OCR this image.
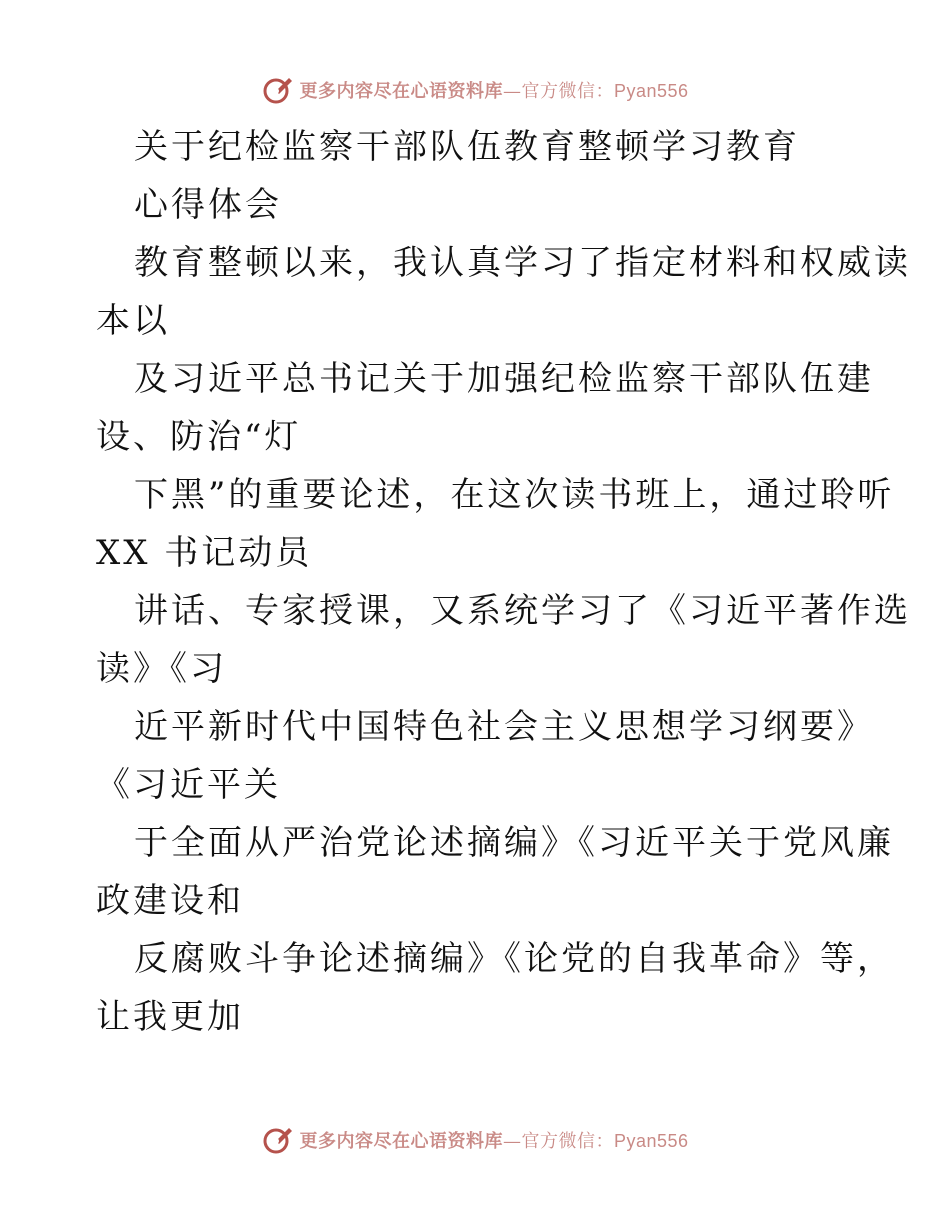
更多内容尽在心语资料库—官方微信：Pyan556
关于纪检监察干部队伍教育整顿学习教育
心得体会
教育整顿以来，我认真学习了指定材料和权威读
本以
及习近平总书记关于加强纪检监察干部队伍建
设、防治“灯
下黑”的重要论述，在这次读书班上，通过聆听
XX 书记动员
讲话、专家授课，又系统学习了《习近平著作选
读》《习
近平新时代中国特色社会主义思想学习纲要》
《习近平关
于全面从严治党论述摘编》《习近平关于党风廉
政建设和
反腐败斗争论述摘编》《论党的自我革命》等，
让我更加
更多内容尽在心语资料库—官方微信：Pyan556
